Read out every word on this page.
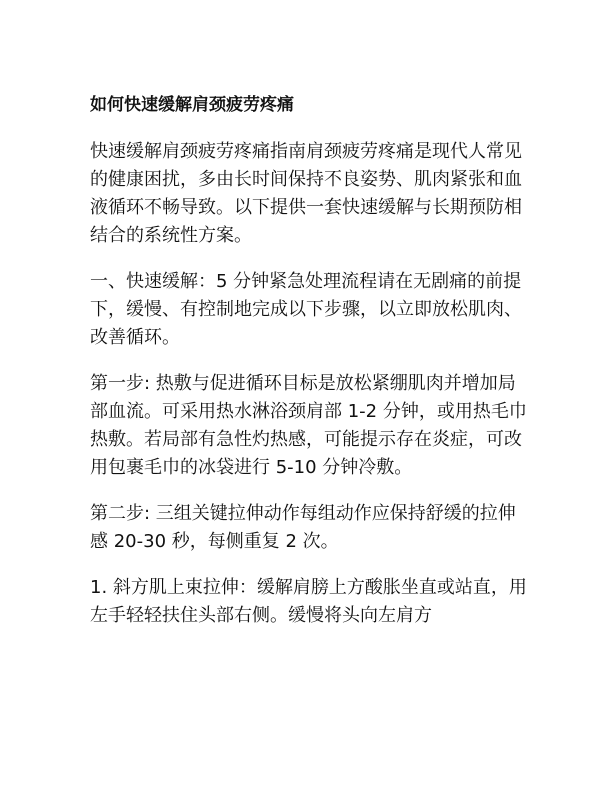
如何快速缓解肩颈疲劳疼痛

快速缓解肩颈疲劳疼痛指南肩颈疲劳疼痛是现代人常见的健康困扰，多由长时间保持不良姿势、肌肉紧张和血液循环不畅导致。以下提供一套快速缓解与长期预防相结合的系统性方案。

一、快速缓解：5 分钟紧急处理流程请在无剧痛的前提下，缓慢、有控制地完成以下步骤，以立即放松肌肉、改善循环。

第一步: 热敷与促进循环目标是放松紧绷肌肉并增加局部血流。可采用热水淋浴颈肩部 1-2 分钟，或用热毛巾热敷。若局部有急性灼热感，可能提示存在炎症，可改用包裹毛巾的冰袋进行 5-10 分钟冷敷。

第二步: 三组关键拉伸动作每组动作应保持舒缓的拉伸感 20-30 秒，每侧重复 2 次。

1. 斜方肌上束拉伸：缓解肩膀上方酸胀坐直或站直，用左手轻轻扶住头部右侧。缓慢将头向左肩方
